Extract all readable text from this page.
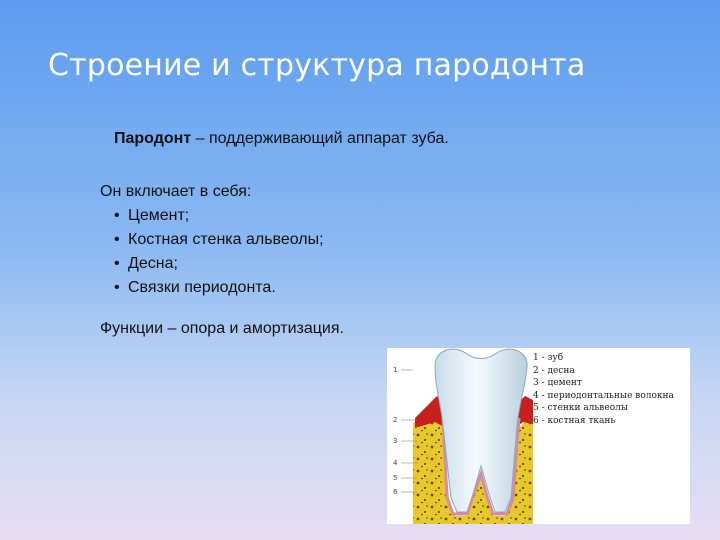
Строение и структура пародонта
Пародонт – поддерживающий аппарат зуба.
Он включает в себя:
• Цемент;
• Костная стенка альвеолы;
• Десна;
• Связки периодонта.
Функции – опора и амортизация.
1
2
3
4
5
6
1 - зуб
2 - десна
3 - цемент
4 - периодонтальные волокна
5 - стенки альвеолы
6 - костная ткань
